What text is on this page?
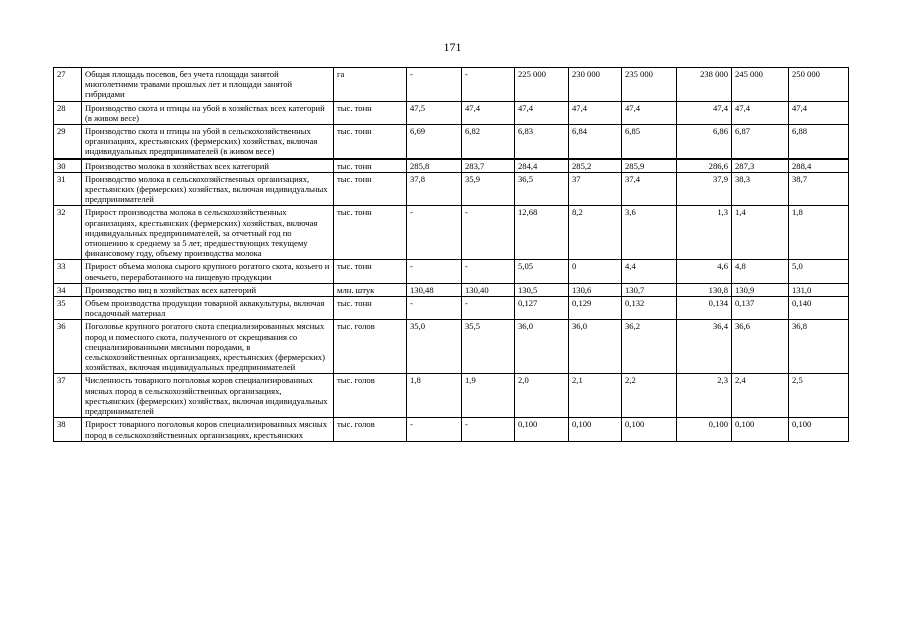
171
27	Общая площадь посевов, без учета площади занятой многолетними травами прошлых лет и площади занятой гибридами	га	-	-	225 000	230 000	235 000	238 000	245 000	250 000
28	Производство скота и птицы на убой в хозяйствах всех категорий (в живом весе)	тыс. тонн	47,5	47,4	47,4	47,4	47,4	47,4	47,4	47,4
29	Производство скота и птицы на убой в сельскохозяйственных организациях, крестьянских (фермерских) хозяйствах, включая индивидуальных предпринимателей (в живом весе)	тыс. тонн	6,69	6,82	6,83	6,84	6,85	6,86	6,87	6,88
30	Производство молока в хозяйствах всех категорий	тыс. тонн	285,8	283,7	284,4	285,2	285,9	286,6	287,3	288,4
31	Производство молока в сельскохозяйственных организациях, крестьянских (фермерских) хозяйствах, включая индивидуальных предпринимателей	тыс. тонн	37,8	35,9	36,5	37	37,4	37,9	38,3	38,7
32	Прирост производства молока в сельскохозяйственных организациях, крестьянских (фермерских) хозяйствах, включая индивидуальных предпринимателей, за отчетный год по отношению к среднему за 5 лет, предшествующих текущему финансовому году, объему производства молока	тыс. тонн	-	-	12,68	8,2	3,6	1,3	1,4	1,8
33	Прирост объема молока сырого крупного рогатого скота, козьего и овечьего, переработанного на пищевую продукции	тыс. тонн	-	-	5,05	0	4,4	4,6	4,8	5,0
34	Производство яиц в хозяйствах всех категорий	млн. штук	130,48	130,40	130,5	130,6	130,7	130,8	130,9	131,0
35	Объем производства продукции товарной аквакультуры, включая посадочный материал	тыс. тонн	-	-	0,127	0,129	0,132	0,134	0,137	0,140
36	Поголовье крупного рогатого скота специализированных мясных пород и помесного скота, полученного от скрещивания со специализированными мясными породами, в сельскохозяйственных организациях, крестьянских (фермерских) хозяйствах, включая индивидуальных предпринимателей	тыс. голов	35,0	35,5	36,0	36,0	36,2	36,4	36,6	36,8
37	Численность товарного поголовья коров специализированных мясных пород в сельскохозяйственных организациях, крестьянских (фермерских) хозяйствах, включая индивидуальных предпринимателей	тыс. голов	1,8	1,9	2,0	2,1	2,2	2,3	2,4	2,5
38	Прирост товарного поголовья коров специализированных мясных пород в сельскохозяйственных организациях, крестьянских	тыс. голов	-	-	0,100	0,100	0,100	0,100	0,100	0,100
